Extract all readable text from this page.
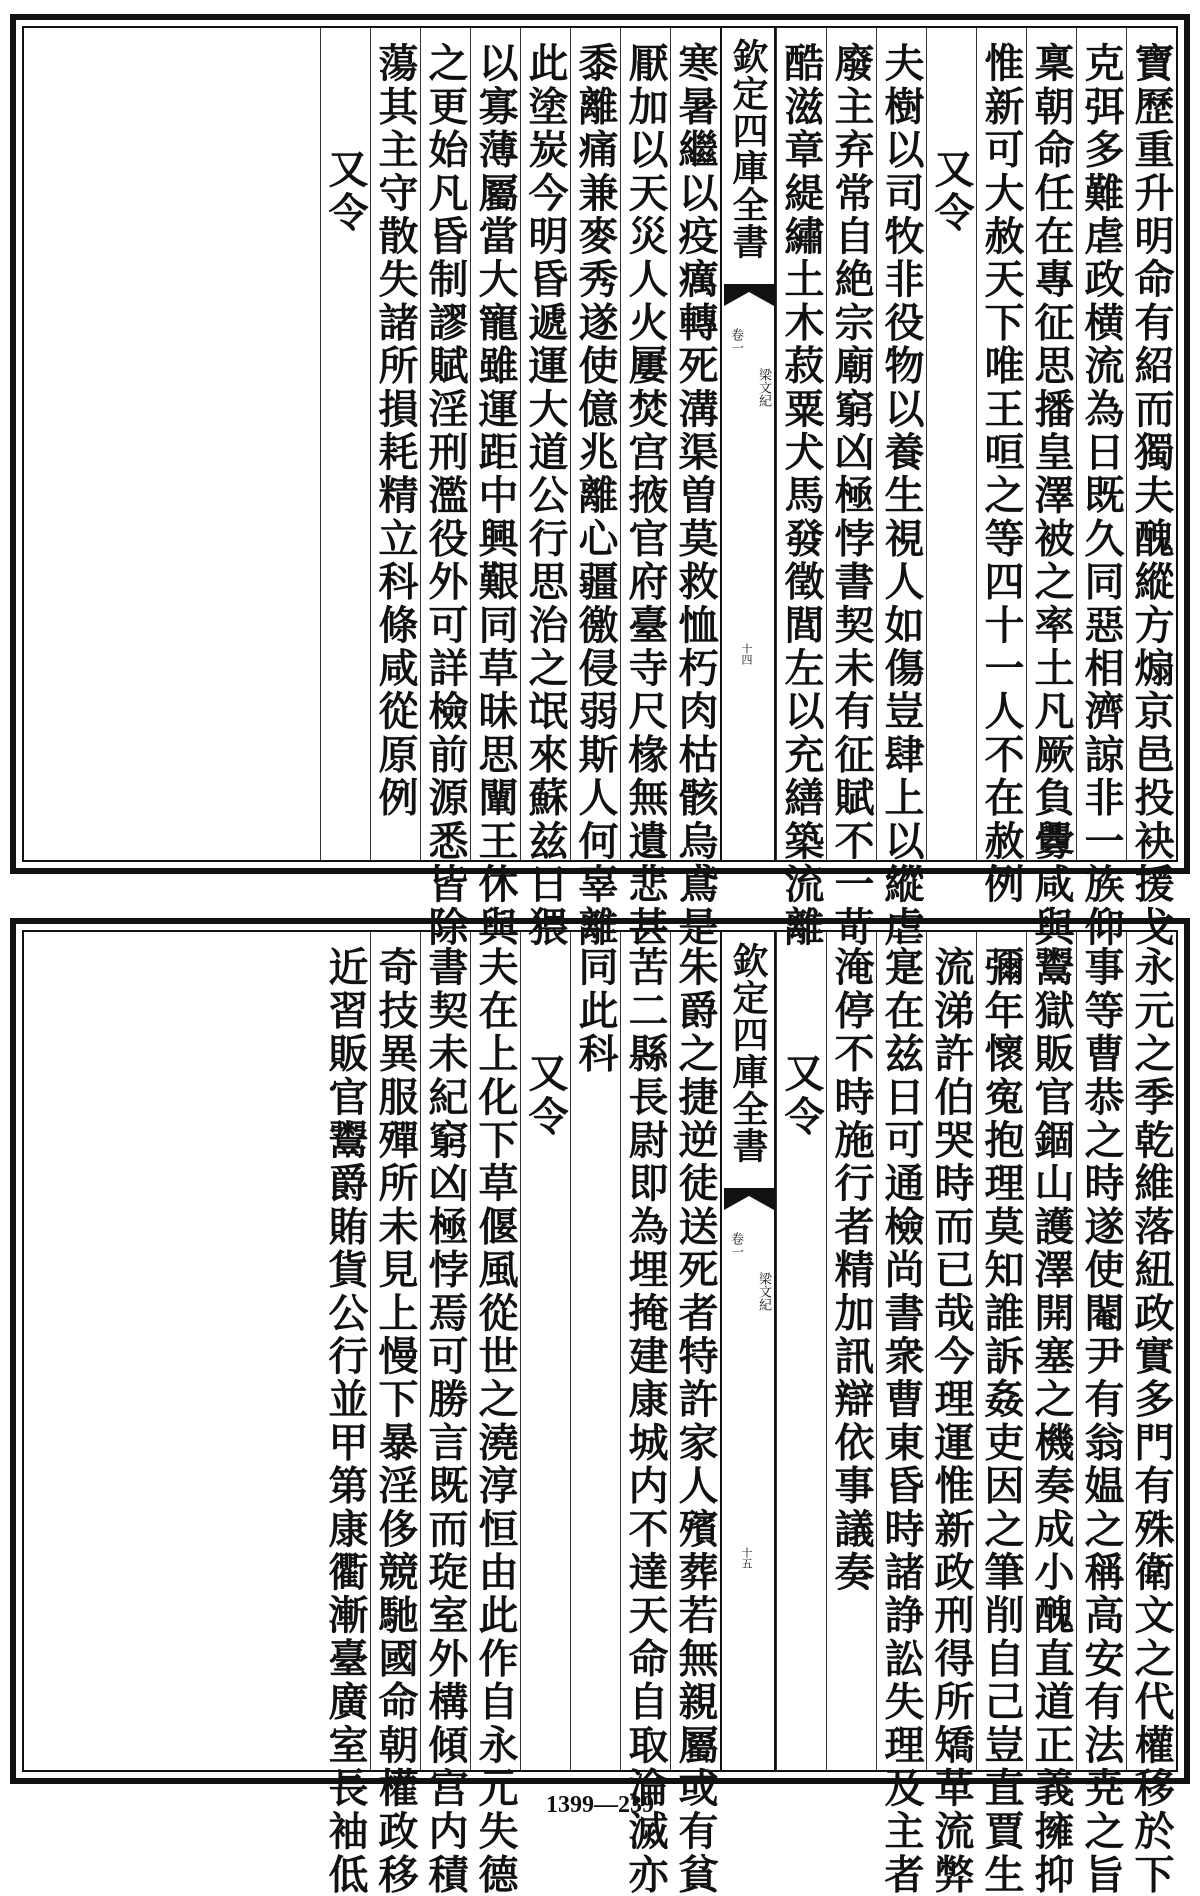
寶歷重升明命有紹而獨夫醜縱方煽京邑投袂援戈
克弭多難虐政横流為日既久同惡相濟諒非一族仰
稟朝命任在專征思播皇澤被之率土凡厥負釁咸與
惟新可大赦天下唯王咺之等四十一人不在赦例
又令
夫樹以司牧非役物以養生視人如傷豈肆上以縱虐
廢主弃常自絶宗廟窮凶極悖書契未有征賦不一苛
酷滋章緹繡土木菽粟犬馬發徵閭左以充繕築流離
欽定四庫全書
梁文紀
卷一
十四
寒暑繼以疫癘轉死溝渠曽莫救恤朽肉枯骸烏鳶是
厭加以天災人火屢焚宫掖官府臺寺尺椽無遺悲甚
黍離痛兼麥秀遂使億兆離心疆徼侵弱斯人何辜離
此塗炭今明昏遞運大道公行思治之氓來蘇兹日猥
以寡薄屬當大寵雖運距中興艱同草昧思闡王休與
之更始凡昏制謬賦淫刑濫役外可詳檢前源悉皆除
蕩其主守散失諸所損耗精立科條咸從原例
又令
永元之季乾維落紐政實多門有殊衛文之代權移於下
事等曹恭之時遂使閹尹有翁媪之稱高安有法尭之旨
鬻獄販官錮山護澤開塞之機奏成小醜直道正義擁抑
彌年懷寃抱理莫知誰訴姦吏因之筆削自己豈直賈生
流涕許伯哭時而已哉今理運惟新政刑得所矯革流弊
寔在兹日可通檢尚書衆曹東昏時諸諍訟失理及主者
淹停不時施行者精加訊辯依事議奏
又令
欽定四庫全書
梁文紀
卷一
十五
朱爵之捷逆徒送死者特許家人殯葬若無親屬或有貧
苦二縣長尉即為埋掩建康城内不達天命自取淪滅亦
同此科
又令
夫在上化下草偃風從世之澆淳恒由此作自永元失德
書契未紀窮凶極悖焉可勝言既而琁室外構傾宫内積
奇技異服殫所未見上慢下暴淫侈競馳國命朝權政移
近習販官鬻爵賄貨公行並甲第康衢漸臺廣室長袖低	1399—239
